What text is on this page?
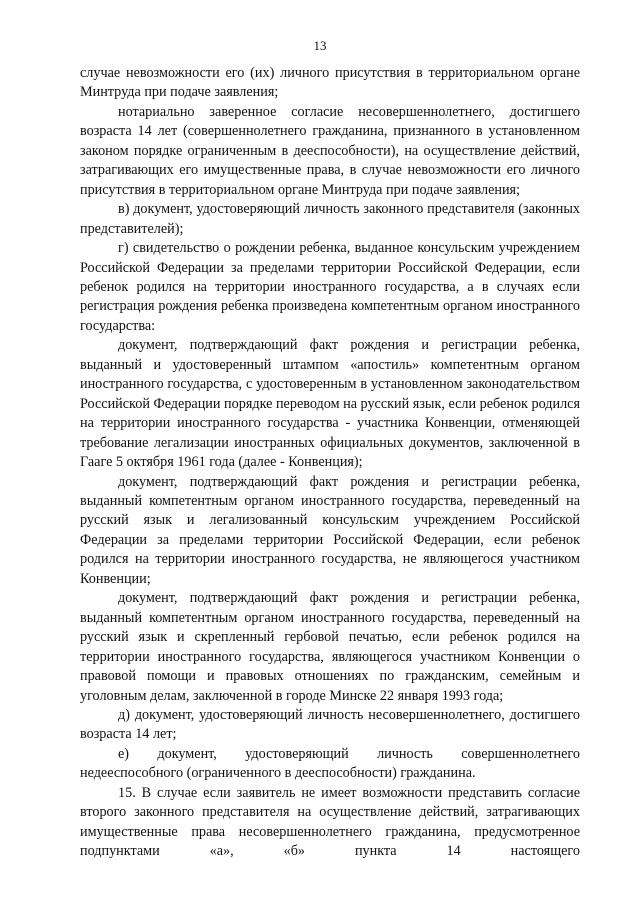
13

случае невозможности его (их) личного присутствия в территориальном органе Минтруда при подаче заявления;

нотариально заверенное согласие несовершеннолетнего, достигшего возраста 14 лет (совершеннолетнего гражданина, признанного в установленном законом порядке ограниченным в дееспособности), на осуществление действий, затрагивающих его имущественные права, в случае невозможности его личного присутствия в территориальном органе Минтруда при подаче заявления;

в) документ, удостоверяющий личность законного представителя (законных представителей);

г) свидетельство о рождении ребенка, выданное консульским учреждением Российской Федерации за пределами территории Российской Федерации, если ребенок родился на территории иностранного государства, а в случаях если регистрация рождения ребенка произведена компетентным органом иностранного государства:

документ, подтверждающий факт рождения и регистрации ребенка, выданный и удостоверенный штампом «апостиль» компетентным органом иностранного государства, с удостоверенным в установленном законодательством Российской Федерации порядке переводом на русский язык, если ребенок родился на территории иностранного государства - участника Конвенции, отменяющей требование легализации иностранных официальных документов, заключенной в Гааге 5 октября 1961 года (далее - Конвенция);

документ, подтверждающий факт рождения и регистрации ребенка, выданный компетентным органом иностранного государства, переведенный на русский язык и легализованный консульским учреждением Российской Федерации за пределами территории Российской Федерации, если ребенок родился на территории иностранного государства, не являющегося участником Конвенции;

документ, подтверждающий факт рождения и регистрации ребенка, выданный компетентным органом иностранного государства, переведенный на русский язык и скрепленный гербовой печатью, если ребенок родился на территории иностранного государства, являющегося участником Конвенции о правовой помощи и правовых отношениях по гражданским, семейным и уголовным делам, заключенной в городе Минске 22 января 1993 года;

д) документ, удостоверяющий личность несовершеннолетнего, достигшего возраста 14 лет;

е) документ, удостоверяющий личность совершеннолетнего недееспособного (ограниченного в дееспособности) гражданина.

15. В случае если заявитель не имеет возможности представить согласие второго законного представителя на осуществление действий, затрагивающих имущественные права несовершеннолетнего гражданина, предусмотренное подпунктами «а», «б» пункта 14 настоящего
